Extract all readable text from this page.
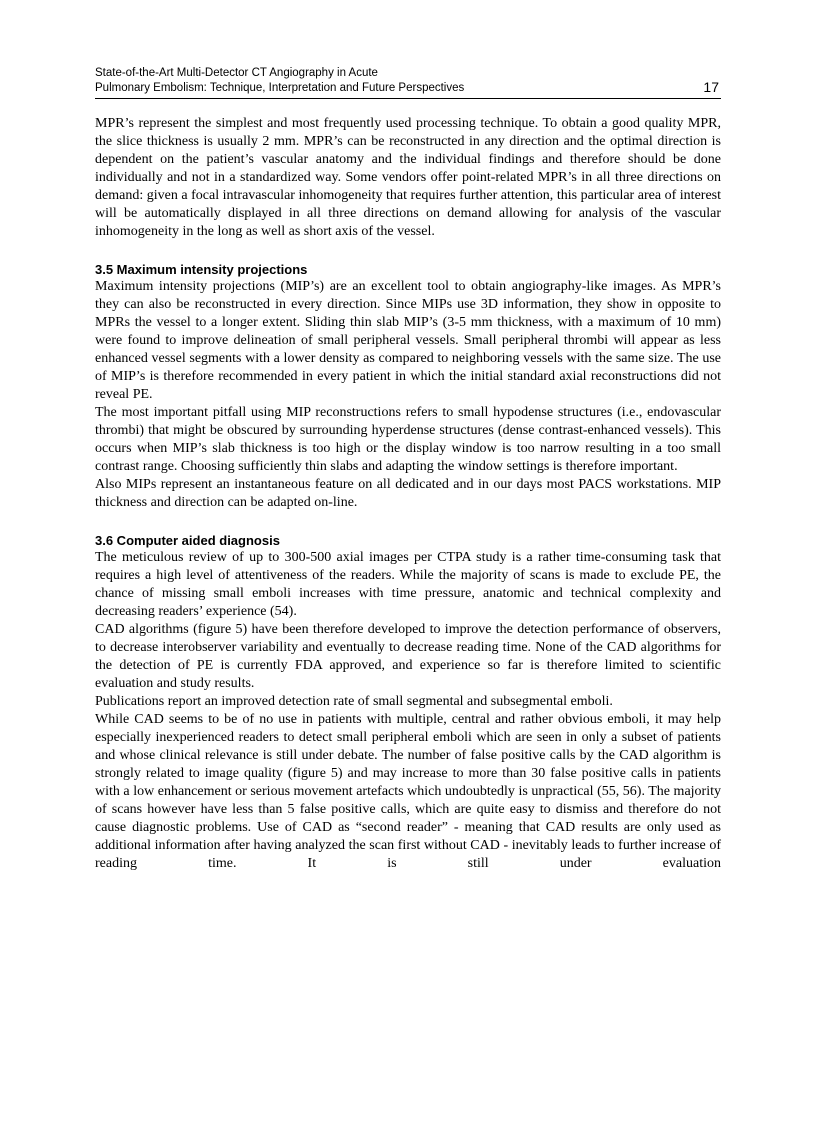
State-of-the-Art Multi-Detector CT Angiography in Acute
Pulmonary Embolism: Technique, Interpretation and Future Perspectives	17

MPR’s represent the simplest and most frequently used processing technique. To obtain a good quality MPR, the slice thickness is usually 2 mm. MPR’s can be reconstructed in any direction and the optimal direction is dependent on the patient’s vascular anatomy and the individual findings and therefore should be done individually and not in a standardized way. Some vendors offer point-related MPR’s in all three directions on demand: given a focal intravascular inhomogeneity that requires further attention, this particular area of interest will be automatically displayed in all three directions on demand allowing for analysis of the vascular inhomogeneity in the long as well as short axis of the vessel.

3.5 Maximum intensity projections

Maximum intensity projections (MIP’s) are an excellent tool to obtain angiography-like images. As MPR’s they can also be reconstructed in every direction. Since MIPs use 3D information, they show in opposite to MPRs the vessel to a longer extent. Sliding thin slab MIP’s (3-5 mm thickness, with a maximum of 10 mm) were found to improve delineation of small peripheral vessels. Small peripheral thrombi will appear as less enhanced vessel segments with a lower density as compared to neighboring vessels with the same size. The use of MIP’s is therefore recommended in every patient in which the initial standard axial reconstructions did not reveal PE.

The most important pitfall using MIP reconstructions refers to small hypodense structures (i.e., endovascular thrombi) that might be obscured by surrounding hyperdense structures (dense contrast-enhanced vessels). This occurs when MIP’s slab thickness is too high or the display window is too narrow resulting in a too small contrast range. Choosing sufficiently thin slabs and adapting the window settings is therefore important.

Also MIPs represent an instantaneous feature on all dedicated and in our days most PACS workstations. MIP thickness and direction can be adapted on-line.

3.6 Computer aided diagnosis

The meticulous review of up to 300-500 axial images per CTPA study is a rather time-consuming task that requires a high level of attentiveness of the readers. While the majority of scans is made to exclude PE, the chance of missing small emboli increases with time pressure, anatomic and technical complexity and decreasing readers’ experience (54).

CAD algorithms (figure 5) have been therefore developed to improve the detection performance of observers, to decrease interobserver variability and eventually to decrease reading time. None of the CAD algorithms for the detection of PE is currently FDA approved, and experience so far is therefore limited to scientific evaluation and study results.

Publications report an improved detection rate of small segmental and subsegmental emboli.

While CAD seems to be of no use in patients with multiple, central and rather obvious emboli, it may help especially inexperienced readers to detect small peripheral emboli which are seen in only a subset of patients and whose clinical relevance is still under debate. The number of false positive calls by the CAD algorithm is strongly related to image quality (figure 5) and may increase to more than 30 false positive calls in patients with a low enhancement or serious movement artefacts which undoubtedly is unpractical (55, 56). The majority of scans however have less than 5 false positive calls, which are quite easy to dismiss and therefore do not cause diagnostic problems. Use of CAD as “second reader” - meaning that CAD results are only used as additional information after having analyzed the scan first without CAD - inevitably leads to further increase of reading time. It is still under evaluation
